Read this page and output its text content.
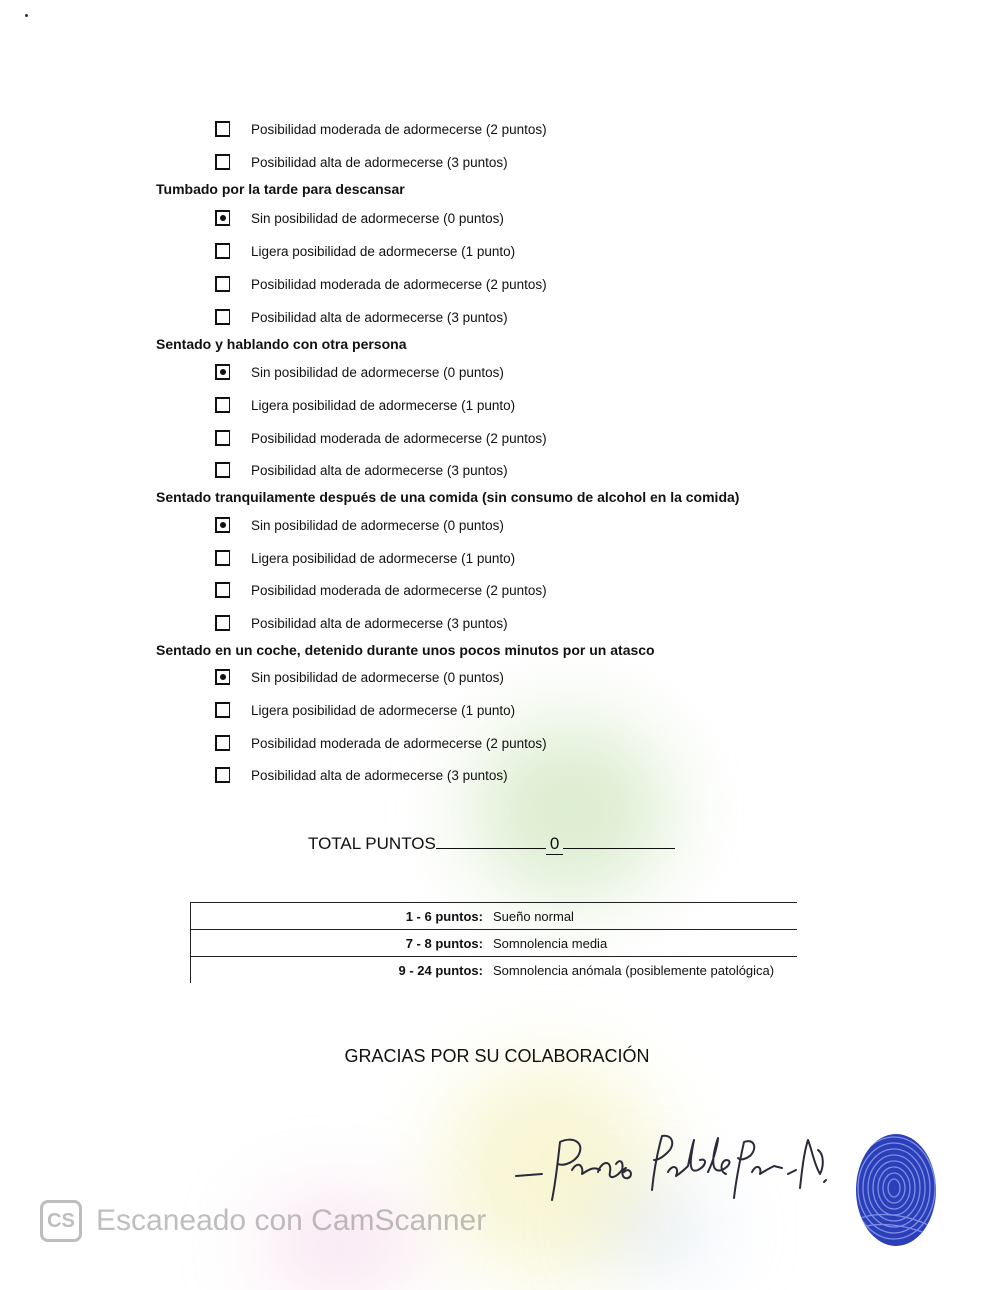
Posibilidad moderada de adormecerse (2 puntos)
Posibilidad alta de adormecerse (3 puntos)
Tumbado por la tarde para descansar
Sin posibilidad de adormecerse (0 puntos)
Ligera posibilidad de adormecerse (1 punto)
Posibilidad moderada de adormecerse (2 puntos)
Posibilidad alta de adormecerse (3 puntos)
Sentado y hablando con otra persona
Sin posibilidad de adormecerse (0 puntos)
Ligera posibilidad de adormecerse (1 punto)
Posibilidad moderada de adormecerse (2 puntos)
Posibilidad alta de adormecerse (3 puntos)
Sentado tranquilamente después de una comida (sin consumo de alcohol en la comida)
Sin posibilidad de adormecerse (0 puntos)
Ligera posibilidad de adormecerse (1 punto)
Posibilidad moderada de adormecerse (2 puntos)
Posibilidad alta de adormecerse (3 puntos)
Sentado en un coche, detenido durante unos pocos minutos por un atasco
Sin posibilidad de adormecerse (0 puntos)
Ligera posibilidad de adormecerse (1 punto)
Posibilidad moderada de adormecerse (2 puntos)
Posibilidad alta de adormecerse (3 puntos)
TOTAL PUNTOS	0
1 - 6 puntos: Sueño normal
7 - 8 puntos: Somnolencia media
9 - 24 puntos: Somnolencia anómala (posiblemente patológica)
GRACIAS POR SU COLABORACIÓN
CS Escaneado con CamScanner
